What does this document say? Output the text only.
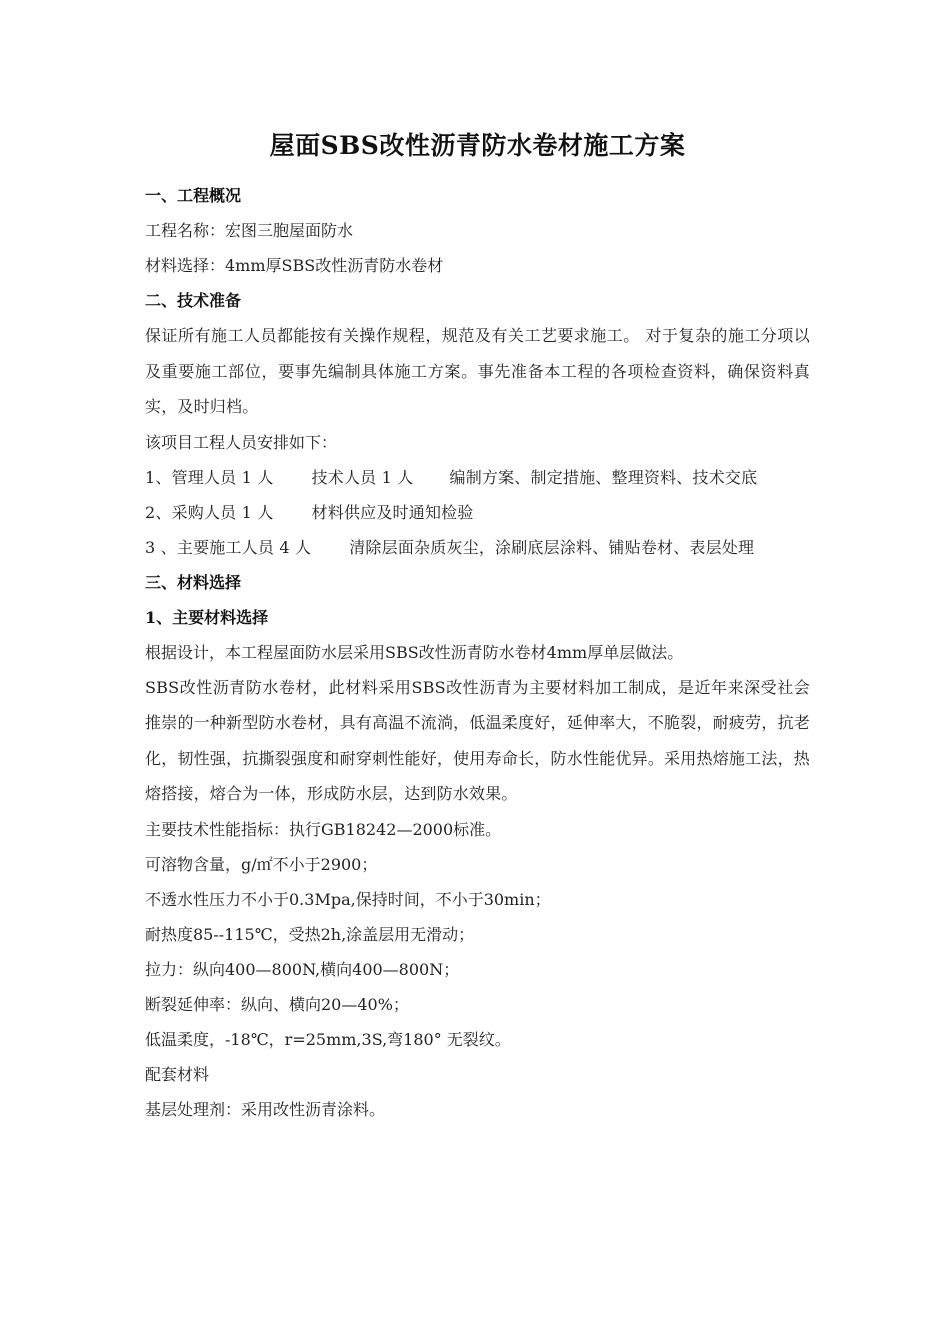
屋面SBS改性沥青防水卷材施工方案

一、工程概况

工程名称：宏图三胞屋面防水

材料选择：4mm厚SBS改性沥青防水卷材

二、技术准备

保证所有施工人员都能按有关操作规程，规范及有关工艺要求施工。 对于复杂的施工分项以及重要施工部位，要事先编制具体施工方案。事先准备本工程的各项检查资料，确保资料真实，及时归档。

该项目工程人员安排如下：

1、管理人员 1 人 技术人员 1 人 编制方案、制定措施、整理资料、技术交底

2、采购人员 1 人 材料供应及时通知检验

3 、主要施工人员 4 人 清除层面杂质灰尘，涂刷底层涂料、铺贴卷材、表层处理

三、材料选择

1、主要材料选择

根据设计，本工程屋面防水层采用SBS改性沥青防水卷材4mm厚单层做法。

SBS改性沥青防水卷材，此材料采用SBS改性沥青为主要材料加工制成，是近年来深受社会推崇的一种新型防水卷材，具有高温不流淌，低温柔度好，延伸率大，不脆裂，耐疲劳，抗老化，韧性强，抗撕裂强度和耐穿刺性能好，使用寿命长，防水性能优异。采用热熔施工法，热熔搭接，熔合为一体，形成防水层，达到防水效果。

主要技术性能指标：执行GB18242—2000标准。

可溶物含量，g/㎡不小于2900；

不透水性压力不小于0.3Mpa,保持时间，不小于30min；

耐热度85--115℃，受热2h,涂盖层用无滑动；

拉力：纵向400—800N,横向400—800N；

断裂延伸率：纵向、横向20—40%；

低温柔度，-18℃，r=25mm,3S,弯180° 无裂纹。

配套材料

基层处理剂：采用改性沥青涂料。
